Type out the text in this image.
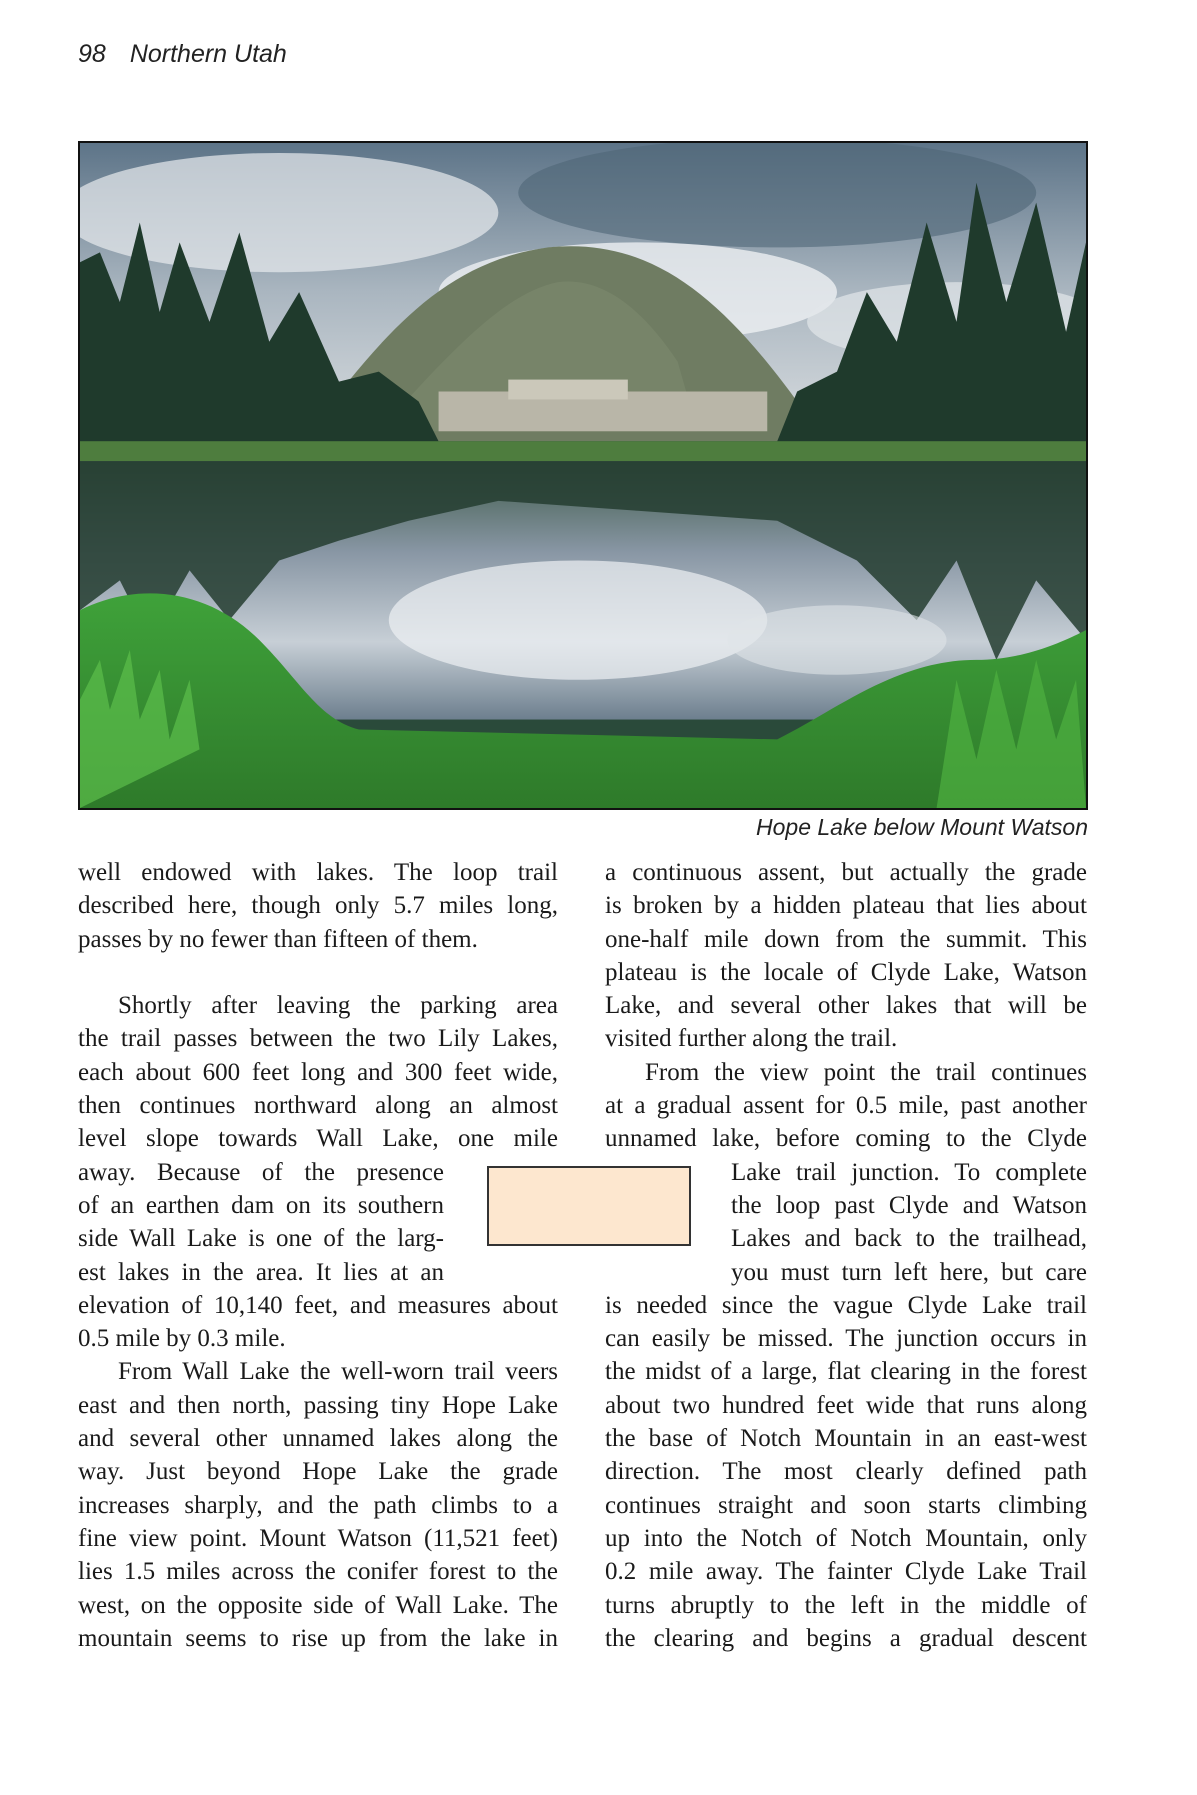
98 Northern Utah
Hope Lake below Mount Watson
well endowed with lakes. The loop trail
described here, though only 5.7 miles long,
passes by no fewer than fifteen of them.
Shortly after leaving the parking area
the trail passes between the two Lily Lakes,
each about 600 feet long and 300 feet wide,
then continues northward along an almost
level slope towards Wall Lake, one mile
away. Because of the presence
of an earthen dam on its southern
side Wall Lake is one of the larg-
est lakes in the area. It lies at an
elevation of 10,140 feet, and measures about
0.5 mile by 0.3 mile.
From Wall Lake the well-worn trail veers
east and then north, passing tiny Hope Lake
and several other unnamed lakes along the
way. Just beyond Hope Lake the grade
increases sharply, and the path climbs to a
fine view point. Mount Watson (11,521 feet)
lies 1.5 miles across the conifer forest to the
west, on the opposite side of Wall Lake. The
mountain seems to rise up from the lake in
a continuous assent, but actually the grade
is broken by a hidden plateau that lies about
one-half mile down from the summit. This
plateau is the locale of Clyde Lake, Watson
Lake, and several other lakes that will be
visited further along the trail.
From the view point the trail continues
at a gradual assent for 0.5 mile, past another
unnamed lake, before coming to the Clyde
Lake trail junction. To complete
the loop past Clyde and Watson
Lakes and back to the trailhead,
you must turn left here, but care
is needed since the vague Clyde Lake trail
can easily be missed. The junction occurs in
the midst of a large, flat clearing in the forest
about two hundred feet wide that runs along
the base of Notch Mountain in an east-west
direction. The most clearly defined path
continues straight and soon starts climbing
up into the Notch of Notch Mountain, only
0.2 mile away. The fainter Clyde Lake Trail
turns abruptly to the left in the middle of
the clearing and begins a gradual descent
